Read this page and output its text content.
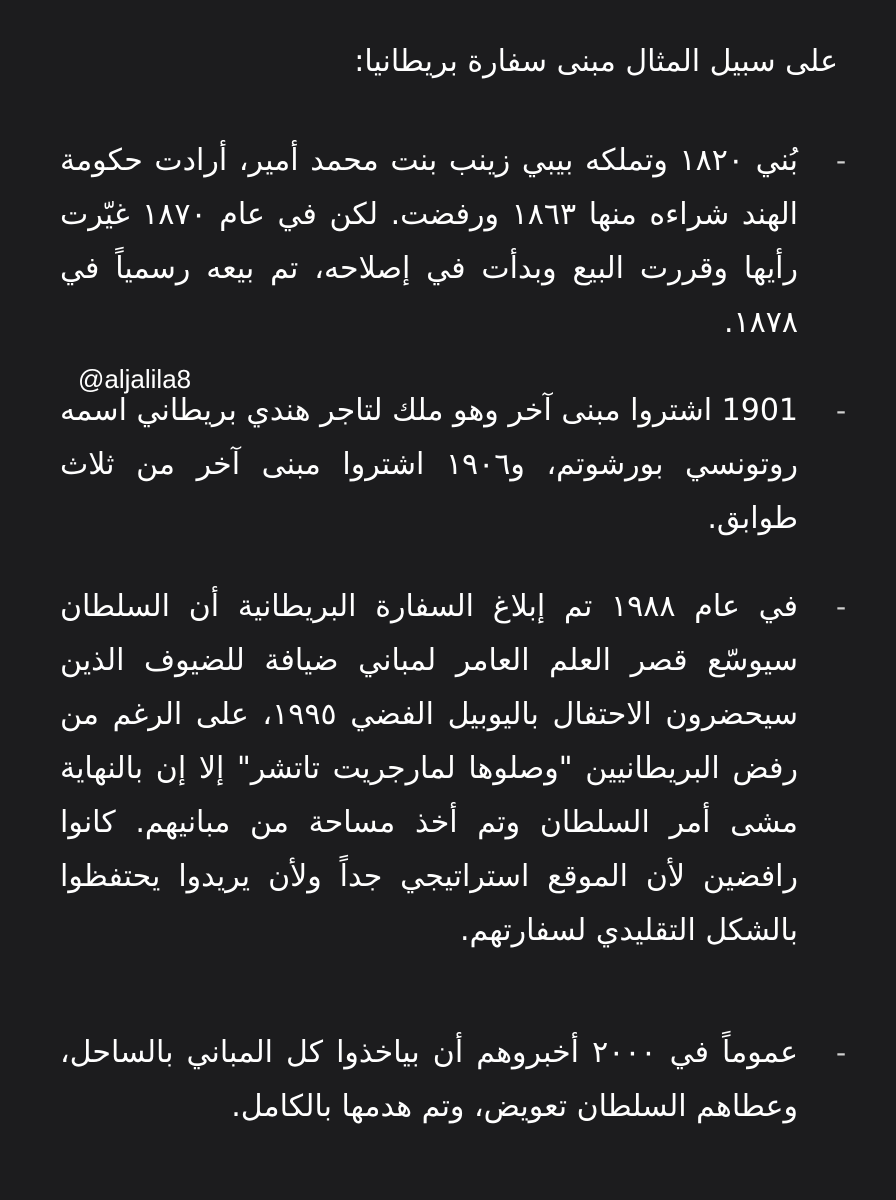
على سبيل المثال مبنى سفارة بريطانيا:

-

بُني ١٨٢٠ وتملكه بيبي زينب بنت محمد أمير، أرادت حكومة الهند شراءه منها ١٨٦٣ ورفضت. لكن في عام ١٨٧٠ غيّرت رأيها وقررت البيع وبدأت في إصلاحه، تم بيعه رسمياً في ١٨٧٨.

@aljalila8
-

1901 اشتروا مبنى آخر وهو ملك لتاجر هندي بريطاني اسمه روتونسي بورشوتم، و١٩٠٦ اشتروا مبنى آخر من ثلاث طوابق.

-

في عام ١٩٨٨ تم إبلاغ السفارة البريطانية أن السلطان سيوسّع قصر العلم العامر لمباني ضيافة للضيوف الذين سيحضرون الاحتفال باليوبيل الفضي ١٩٩٥، على الرغم من رفض البريطانيين "وصلوها لمارجريت تاتشر" إلا إن بالنهاية مشى أمر السلطان وتم أخذ مساحة من مبانيهم. كانوا رافضين لأن الموقع استراتيجي جداً ولأن يريدوا يحتفظوا بالشكل التقليدي لسفارتهم.

-

عموماً في ٢٠٠٠ أخبروهم أن بياخذوا كل المباني بالساحل، وعطاهم السلطان تعويض، وتم هدمها بالكامل.
